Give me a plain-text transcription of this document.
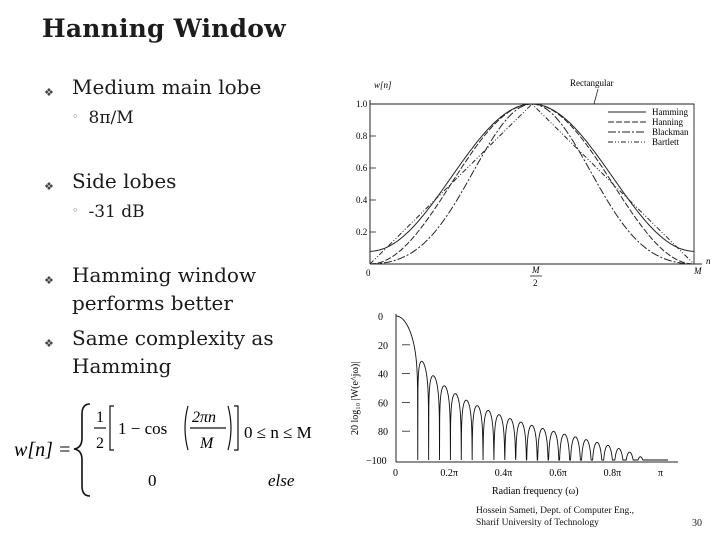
Hanning Window
❖ Medium main lobe
◦ 8π/M
❖ Side lobes
◦ -31 dB
❖ Hamming window performs better
❖ Same complexity as Hamming
w[n] =
1
2
1 − cos
2πn
M
0 ≤ n ≤ M
0	else
w[n]	Rectangular
1.0
0.8
0.6
0.4
0.2
0	M
2
M
n
Hamming
Hanning
Blackman
Bartlett
20 log₁₀ |W(e^jω)|
0
20
40
60
80
−100
0	0.2π	0.4π	0.6π	0.8π	π
Radian frequency (ω)
Hossein Sameti, Dept. of Computer Eng.,
Sharif University of Technology	30
